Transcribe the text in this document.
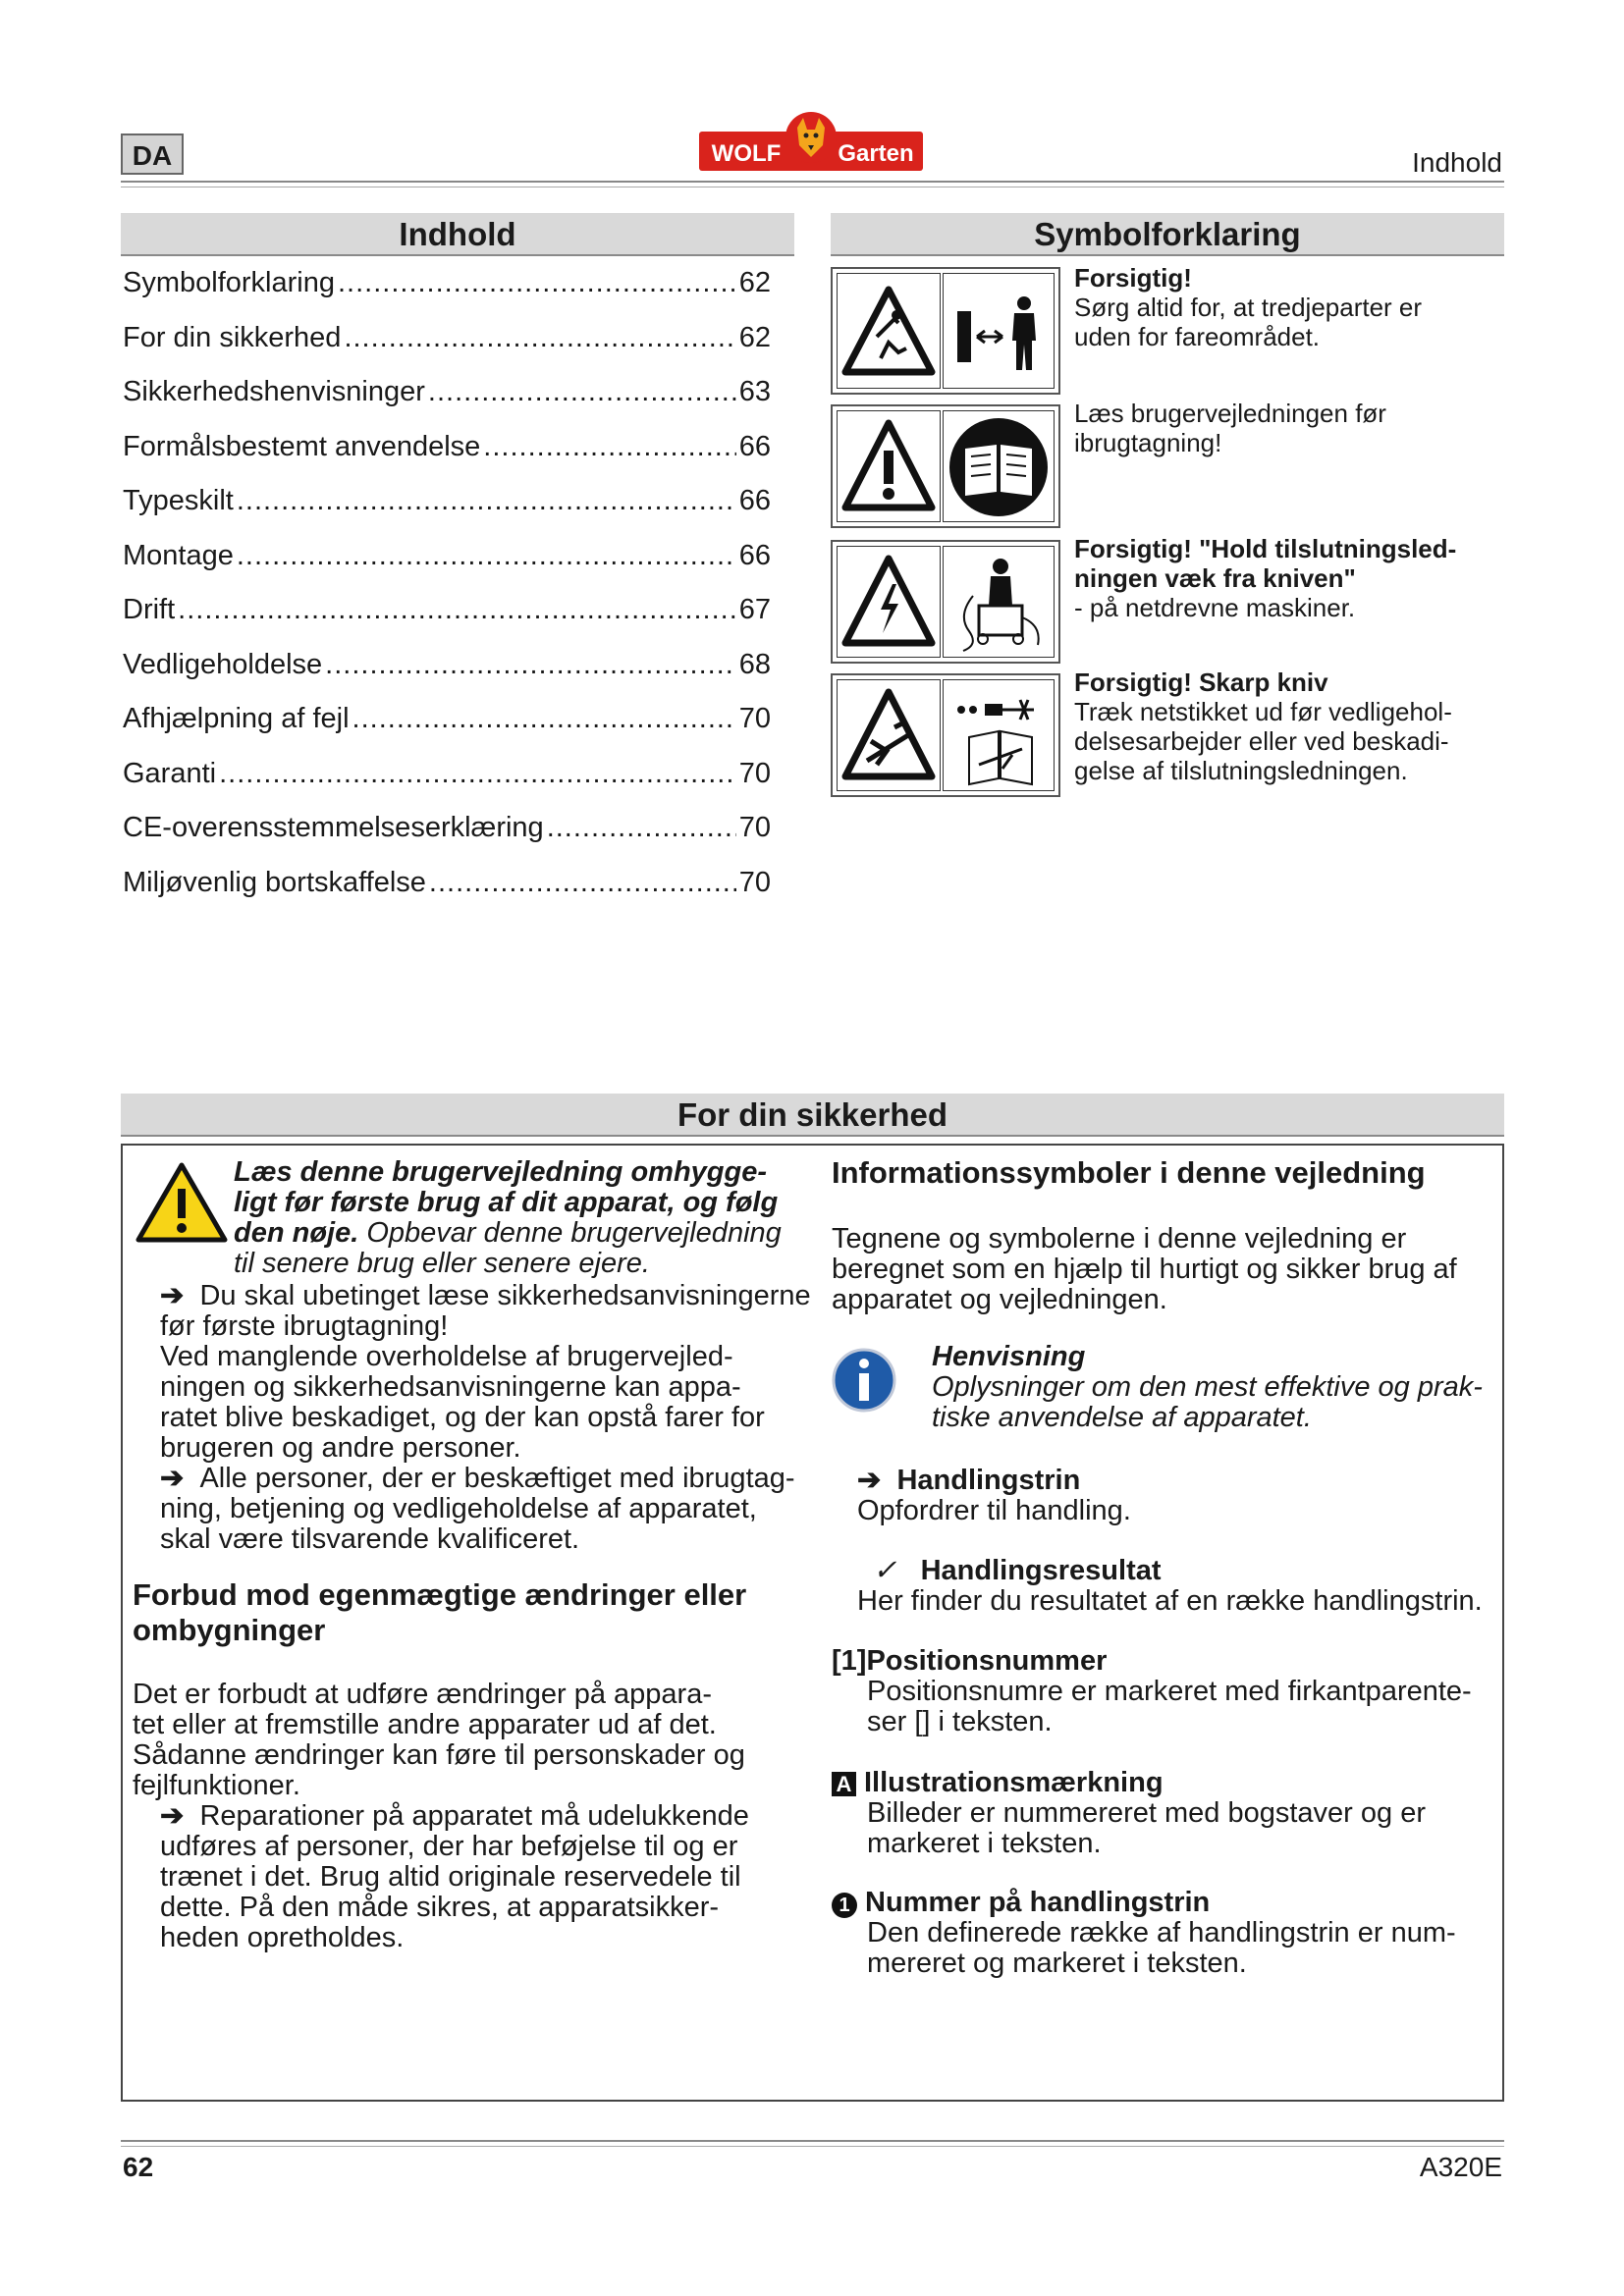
DA	WOLF Garten	Indhold
Indhold
Symbolforklaring .....	62
For din sikkerhed .....	62
Sikkerhedshenvisninger .....	63
Formålsbestemt anvendelse .....	66
Typeskilt .....	66
Montage .....	66
Drift .....	67
Vedligeholdelse .....	68
Afhjælpning af fejl .....	70
Garanti .....	70
CE-overensstemmelseserklæring .....	70
Miljøvenlig bortskaffelse .....	70
Symbolforklaring
Forsigtig!
Sørg altid for, at tredjeparter er
uden for fareområdet.
Læs brugervejledningen før
ibrugtagning!
Forsigtig! "Hold tilslutningsled-
ningen væk fra kniven"
- på netdrevne maskiner.
Forsigtig! Skarp kniv
Træk netstikket ud før vedligehol-
delsesarbejder eller ved beskadi-
gelse af tilslutningsledningen.
For din sikkerhed
Læs denne brugervejledning omhygge-
ligt før første brug af dit apparat, og følg
den nøje. Opbevar denne brugervejledning
til senere brug eller senere ejere.
➔ Du skal ubetinget læse sikkerhedsanvisningerne
før første ibrugtagning!
Ved manglende overholdelse af brugervejled-
ningen og sikkerhedsanvisningerne kan appa-
ratet blive beskadiget, og der kan opstå farer for
brugeren og andre personer.
➔ Alle personer, der er beskæftiget med ibrugtag-
ning, betjening og vedligeholdelse af apparatet,
skal være tilsvarende kvalificeret.
Forbud mod egenmægtige ændringer eller
ombygninger
Det er forbudt at udføre ændringer på appara-
tet eller at fremstille andre apparater ud af det.
Sådanne ændringer kan føre til personskader og
fejlfunktioner.
➔ Reparationer på apparatet må udelukkende
udføres af personer, der har beføjelse til og er
trænet i det. Brug altid originale reservedele til
dette. På den måde sikres, at apparatsikker-
heden opretholdes.
Informationssymboler i denne vejledning
Tegnene og symbolerne i denne vejledning er
beregnet som en hjælp til hurtigt og sikker brug af
apparatet og vejledningen.
Henvisning
Oplysninger om den mest effektive og prak-
tiske anvendelse af apparatet.
➔ Handlingstrin
Opfordrer til handling.
✓ Handlingsresultat
Her finder du resultatet af en række handlingstrin.
[1]Positionsnummer
Positionsnumre er markeret med firkantparente-
ser [] i teksten.
A Illustrationsmærkning
Billeder er nummereret med bogstaver og er
markeret i teksten.
1 Nummer på handlingstrin
Den definerede række af handlingstrin er num-
mereret og markeret i teksten.
62	A320E
